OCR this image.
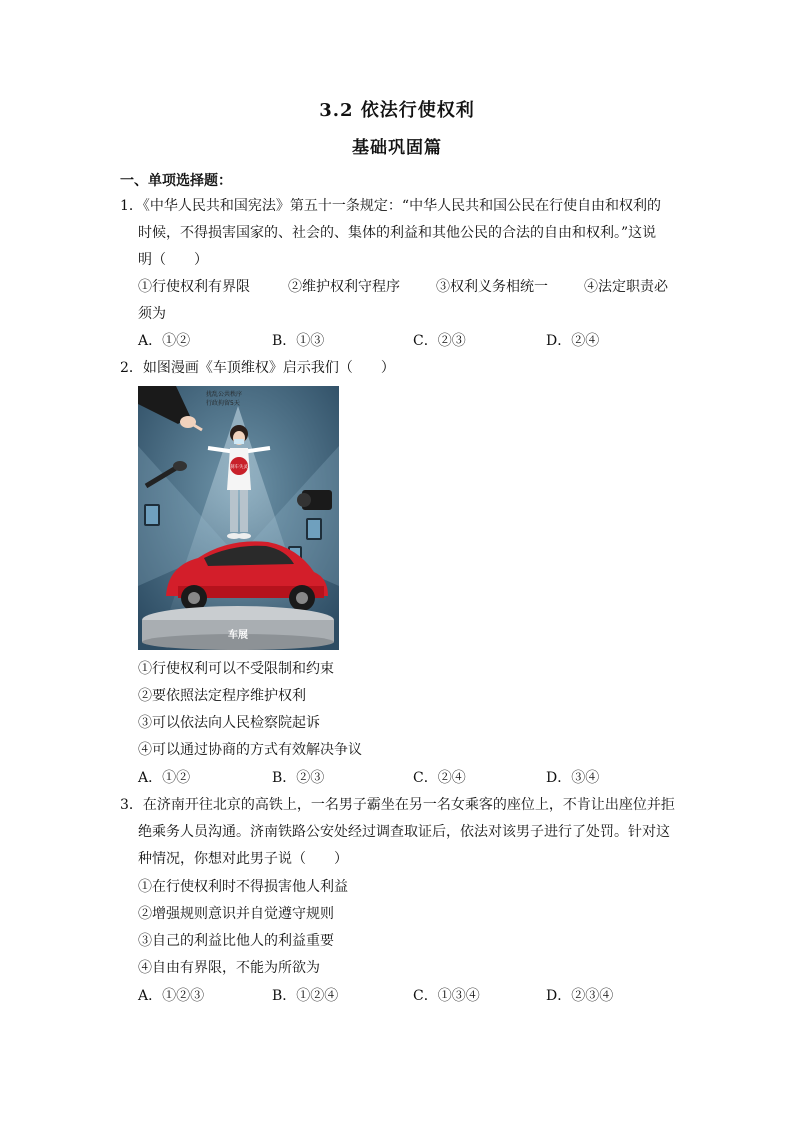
3.2 依法行使权利
基础巩固篇
一、单项选择题：
1．《中华人民共和国宪法》第五十一条规定：“中华人民共和国公民在行使自由和权利的
时候，不得损害国家的、社会的、集体的利益和其他公民的合法的自由和权利。”这说
明（　　）
①行使权利有界限	②维护权利守程序	③权利义务相统一	④法定职责必
须为
A．①②	B．①③	C．②③	D．②④
2．如图漫画《车顶维权》启示我们（　　）
扰乱公共秩序
行政拘留5天
刹车失灵
车展
①行使权利可以不受限制和约束
②要依照法定程序维护权利
③可以依法向人民检察院起诉
④可以通过协商的方式有效解决争议
A．①②	B．②③	C．②④	D．③④
3．在济南开往北京的高铁上，一名男子霸坐在另一名女乘客的座位上，不肯让出座位并拒
绝乘务人员沟通。济南铁路公安处经过调查取证后，依法对该男子进行了处罚。针对这
种情况，你想对此男子说（　　）
①在行使权利时不得损害他人利益
②增强规则意识并自觉遵守规则
③自己的利益比他人的利益重要
④自由有界限，不能为所欲为
A．①②③	B．①②④	C．①③④	D．②③④
